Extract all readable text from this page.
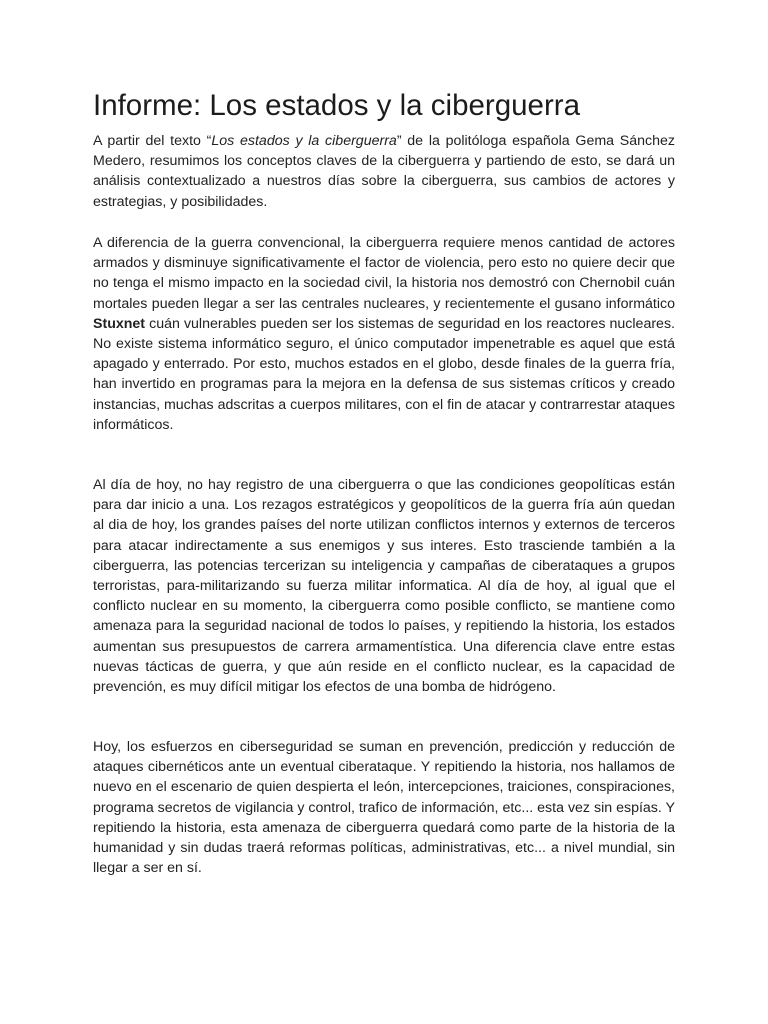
Informe: Los estados y la ciberguerra

A partir del texto “Los estados y la ciberguerra” de la politóloga española Gema Sánchez Medero, resumimos los conceptos claves de la ciberguerra y partiendo de esto, se dará un análisis contextualizado a nuestros días sobre la ciberguerra, sus cambios de actores y estrategias, y posibilidades.

A diferencia de la guerra convencional, la ciberguerra requiere menos cantidad de actores armados y disminuye significativamente el factor de violencia, pero esto no quiere decir que no tenga el mismo impacto en la sociedad civil, la historia nos demostró con Chernobil cuán mortales pueden llegar a ser las centrales nucleares, y recientemente el gusano informático Stuxnet cuán vulnerables pueden ser los sistemas de seguridad en los reactores nucleares. No existe sistema informático seguro, el único computador impenetrable es aquel que está apagado y enterrado. Por esto, muchos estados en el globo, desde finales de la guerra fría, han invertido en programas para la mejora en la defensa de sus sistemas críticos y creado instancias, muchas adscritas a cuerpos militares, con el fin de atacar y contrarrestar ataques informáticos.

Al día de hoy, no hay registro de una ciberguerra o que las condiciones geopolíticas están para dar inicio a una. Los rezagos estratégicos y geopolíticos de la guerra fría aún quedan al dia de hoy, los grandes países del norte utilizan conflictos internos y externos de terceros para atacar indirectamente a sus enemigos y sus interes. Esto trasciende también a la ciberguerra, las potencias tercerizan su inteligencia y campañas de ciberataques a grupos terroristas, para-militarizando su fuerza militar informatica. Al día de hoy, al igual que el conflicto nuclear en su momento, la ciberguerra como posible conflicto, se mantiene como amenaza para la seguridad nacional de todos lo países, y repitiendo la historia, los estados aumentan sus presupuestos de carrera armamentística. Una diferencia clave entre estas nuevas tácticas de guerra, y que aún reside en el conflicto nuclear, es la capacidad de prevención, es muy difícil mitigar los efectos de una bomba de hidrógeno.

Hoy, los esfuerzos en ciberseguridad se suman en prevención, predicción y reducción de ataques cibernéticos ante un eventual ciberataque. Y repitiendo la historia, nos hallamos de nuevo en el escenario de quien despierta el león, intercepciones, traiciones, conspiraciones, programa secretos de vigilancia y control, trafico de información, etc... esta vez sin espías. Y repitiendo la historia, esta amenaza de ciberguerra quedará como parte de la historia de la humanidad y sin dudas traerá reformas políticas, administrativas, etc... a nivel mundial, sin llegar a ser en sí.
